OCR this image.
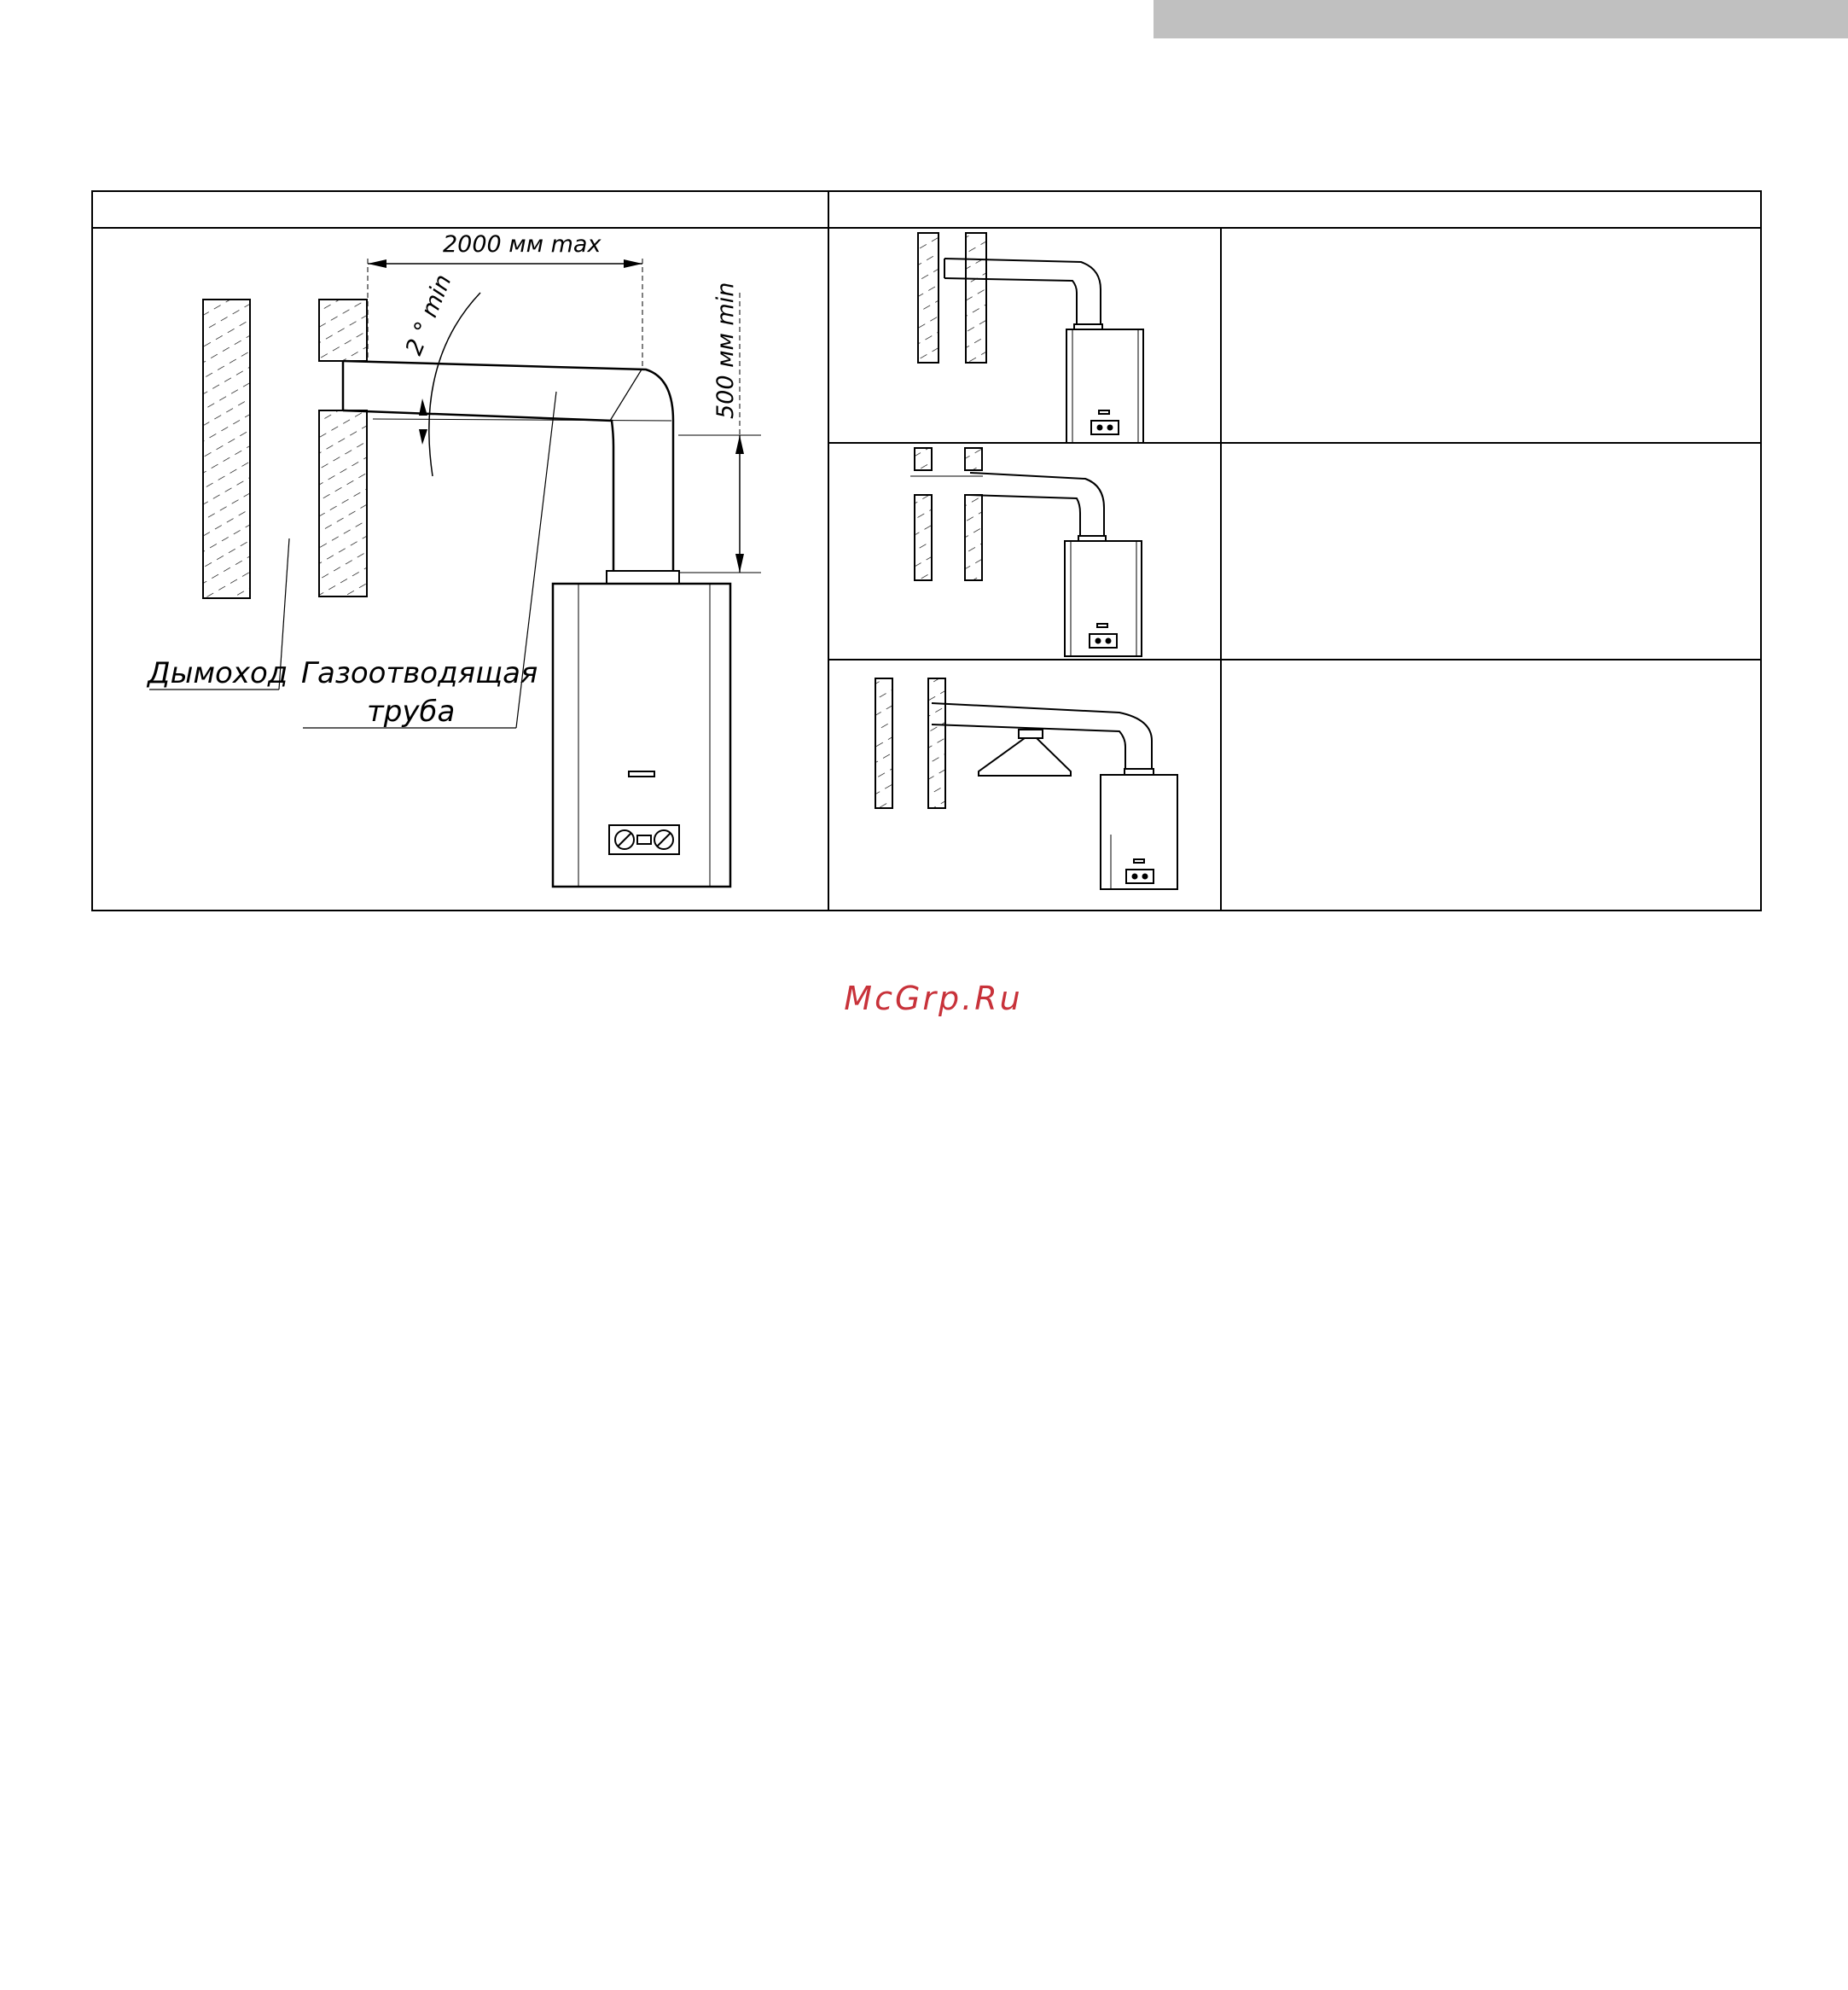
2000 мм max
2 ° min	500 мм min
Дымоход Газоотводящая
труба
McGrp.Ru
